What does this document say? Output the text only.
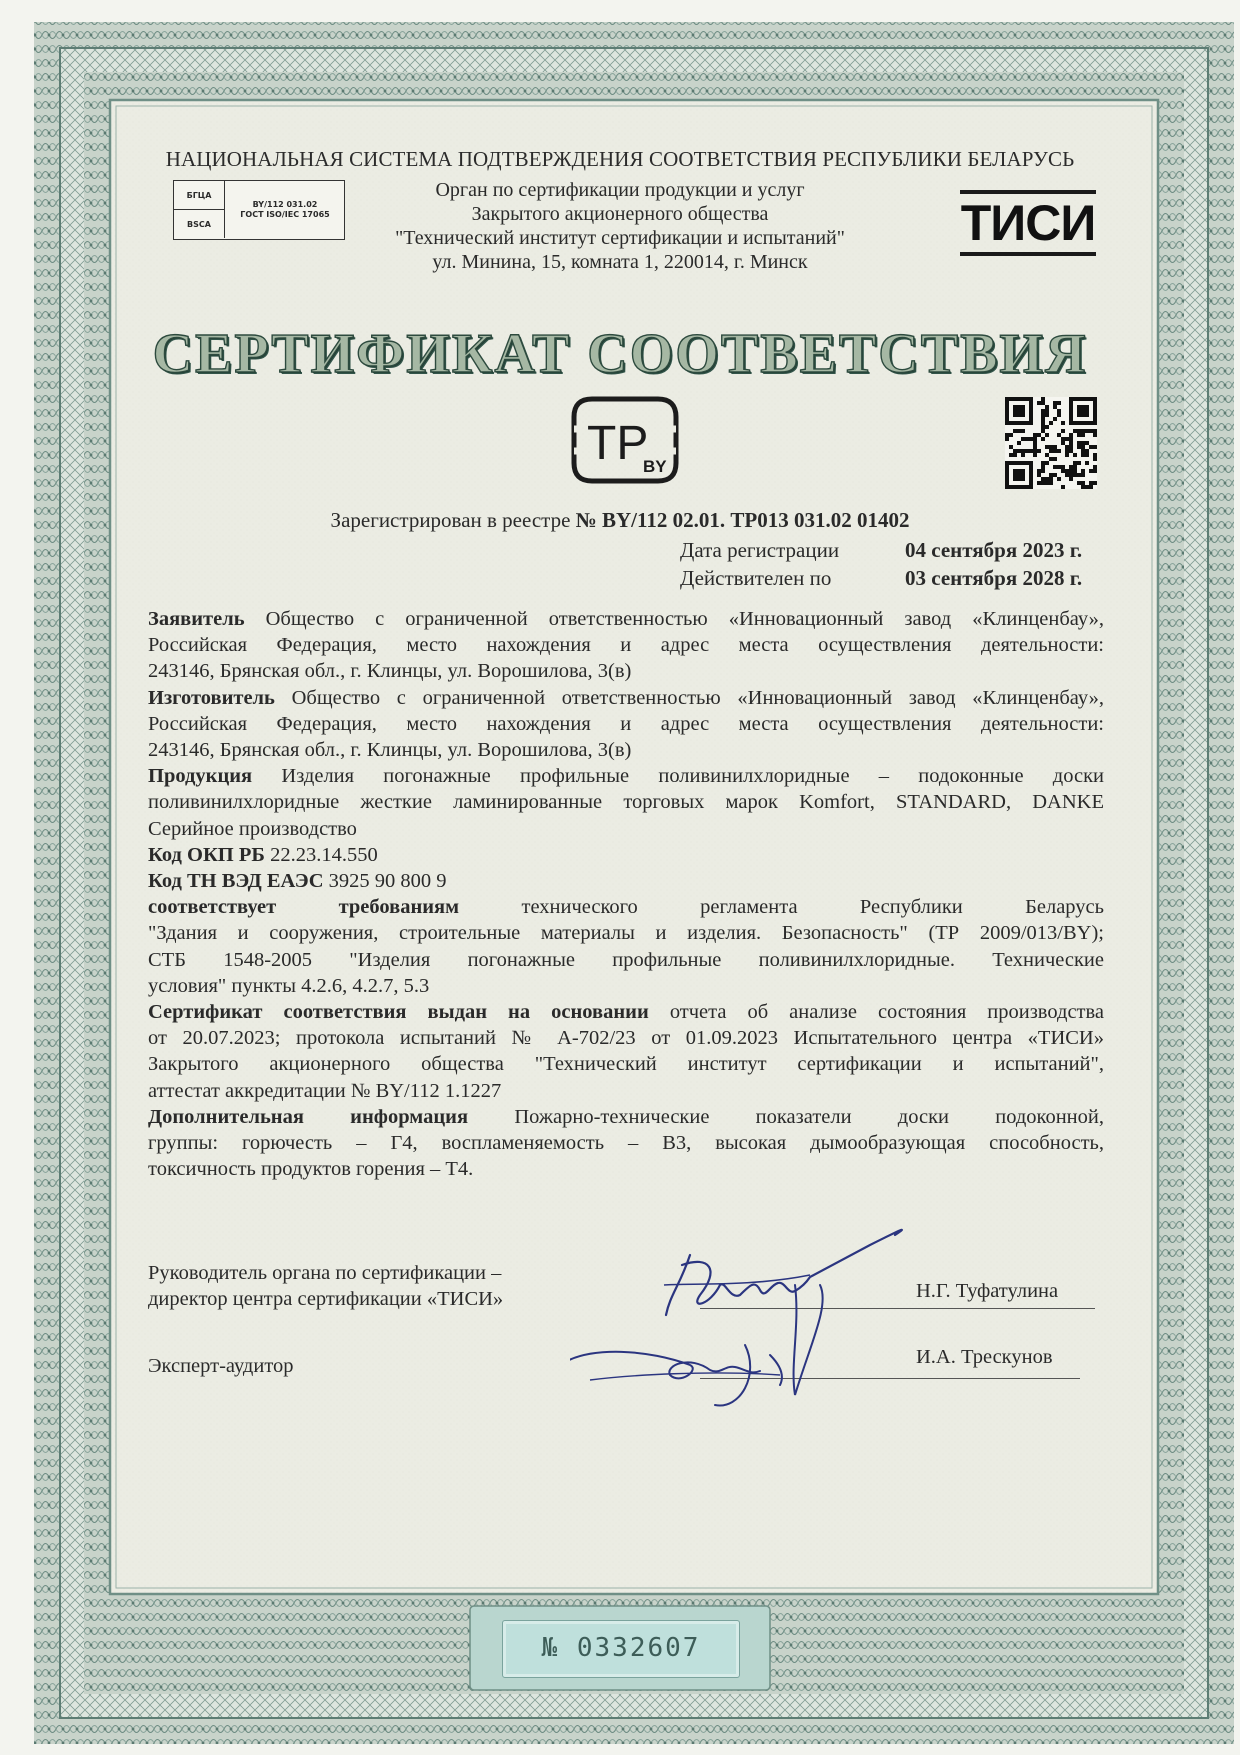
НАЦИОНАЛЬНАЯ СИСТЕМА ПОДТВЕРЖДЕНИЯ СООТВЕТСТВИЯ РЕСПУБЛИКИ БЕЛАРУСЬ
БГЦА
BSCA
BY/112 031.02
ГОСТ ISO/IEC 17065
Орган по сертификации продукции и услуг
Закрытого акционерного общества
"Технический институт сертификации и испытаний"
ул. Минина, 15, комната 1, 220014, г. Минск
ТИСИ
СЕРТИФИКАТ СООТВЕТСТВИЯ
TP
BY
Зарегистрирован в реестре № BY/112 02.01. ТР013 031.02 01402
Дата регистрации	04 сентября 2023 г.
Действителен по	03 сентября 2028 г.

Заявитель Общество с ограниченной ответственностью «Инновационный завод «Клинценбау»,

Российская Федерация, место нахождения и адрес места осуществления деятельности:

243146, Брянская обл., г. Клинцы, ул. Ворошилова, 3(в)

Изготовитель Общество с ограниченной ответственностью «Инновационный завод «Клинценбау»,

Российская Федерация, место нахождения и адрес места осуществления деятельности:

243146, Брянская обл., г. Клинцы, ул. Ворошилова, 3(в)

Продукция Изделия погонажные профильные поливинилхлоридные – подоконные доски

поливинилхлоридные жесткие ламинированные торговых марок Komfort, STANDARD, DANKE

Серийное производство

Код ОКП РБ 22.23.14.550

Код ТН ВЭД ЕАЭС 3925 90 800 9

соответствует	требованиям	технического регламента Республики Беларусь

"Здания и сооружения, строительные материалы и изделия. Безопасность" (ТР 2009/013/BY);

СТБ 1548-2005 "Изделия погонажные профильные поливинилхлоридные. Технические

условия" пункты 4.2.6, 4.2.7, 5.3

Сертификат соответствия выдан на основании отчета об анализе состояния производства

от 20.07.2023; протокола испытаний № А-702/23 от 01.09.2023 Испытательного центра «ТИСИ»

Закрытого акционерного общества "Технический институт сертификации и испытаний",

аттестат аккредитации № BY/112 1.1227

Дополнительная информация Пожарно-технические показатели доски подоконной,

группы: горючесть – Г4, воспламеняемость – В3, высокая дымообразующая способность,

токсичность продуктов горения – Т4.

Руководитель органа по сертификации –
директор центра сертификации «ТИСИ»	Н.Г. Туфатулина
Эксперт-аудитор	И.А. Трескунов
№ 0332607
